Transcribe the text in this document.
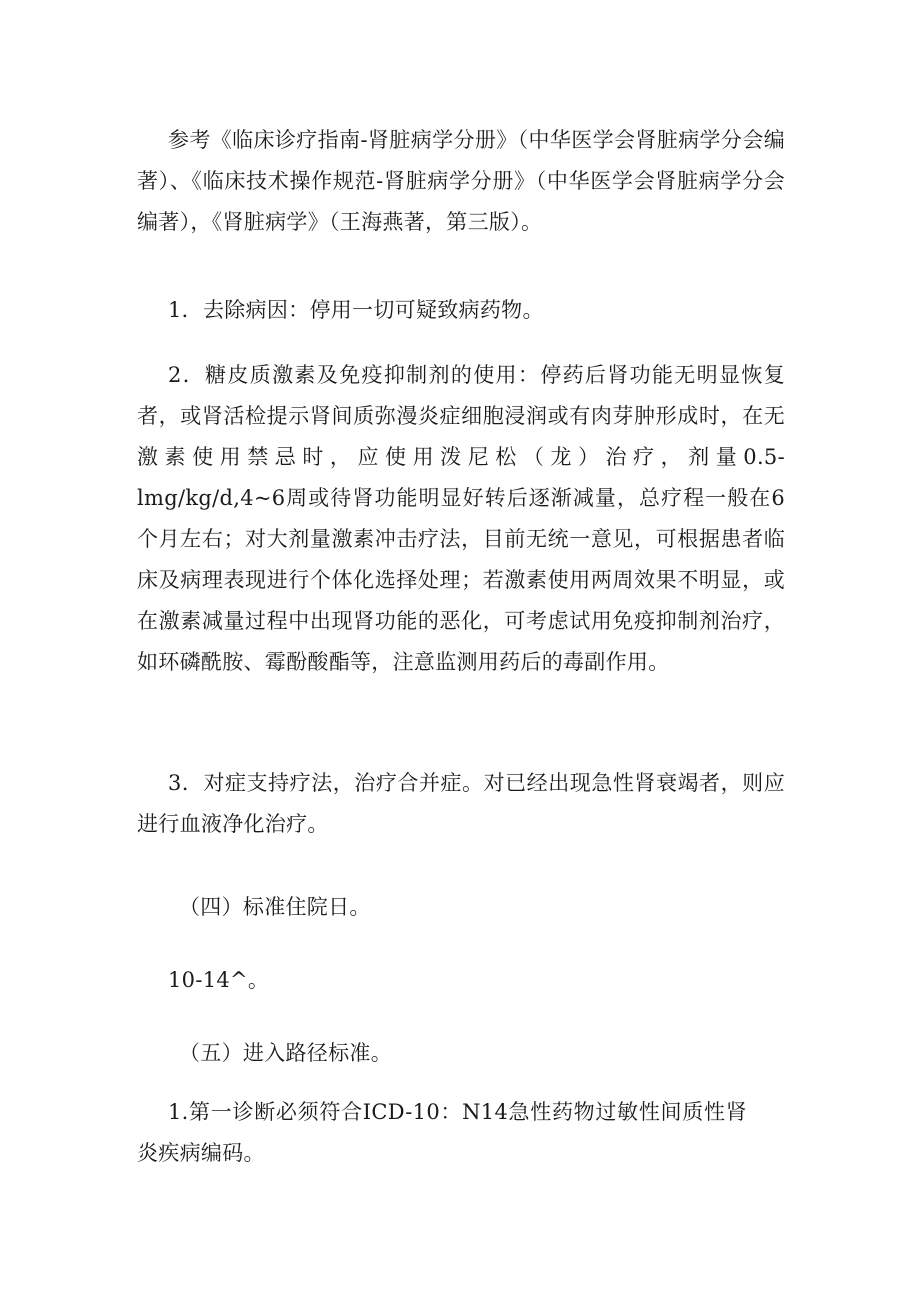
参考《临床诊疗指南-肾脏病学分册》（中华医学会肾脏病学分会编著）、《临床技术操作规范-肾脏病学分册》（中华医学会肾脏病学分会编著），《肾脏病学》（王海燕著，第三版）。
1．去除病因：停用一切可疑致病药物。
2．糖皮质激素及免疫抑制剂的使用：停药后肾功能无明显恢复者，或肾活检提示肾间质弥漫炎症细胞浸润或有肉芽肿形成时，在无激素使用禁忌时，应使用泼尼松（龙）治疗，剂量0.5-lmg/kg/d,4~6周或待肾功能明显好转后逐渐减量，总疗程一般在6个月左右；对大剂量激素冲击疗法，目前无统一意见，可根据患者临床及病理表现进行个体化选择处理；若激素使用两周效果不明显，或在激素减量过程中出现肾功能的恶化，可考虑试用免疫抑制剂治疗，如环磷酰胺、霉酚酸酯等，注意监测用药后的毒副作用。
3．对症支持疗法，治疗合并症。对已经出现急性肾衰竭者，则应进行血液净化治疗。
（四）标准住院日。
10-14^。
（五）进入路径标准。
1.第一诊断必须符合ICD-10：N14急性药物过敏性间质性肾炎疾病编码。
